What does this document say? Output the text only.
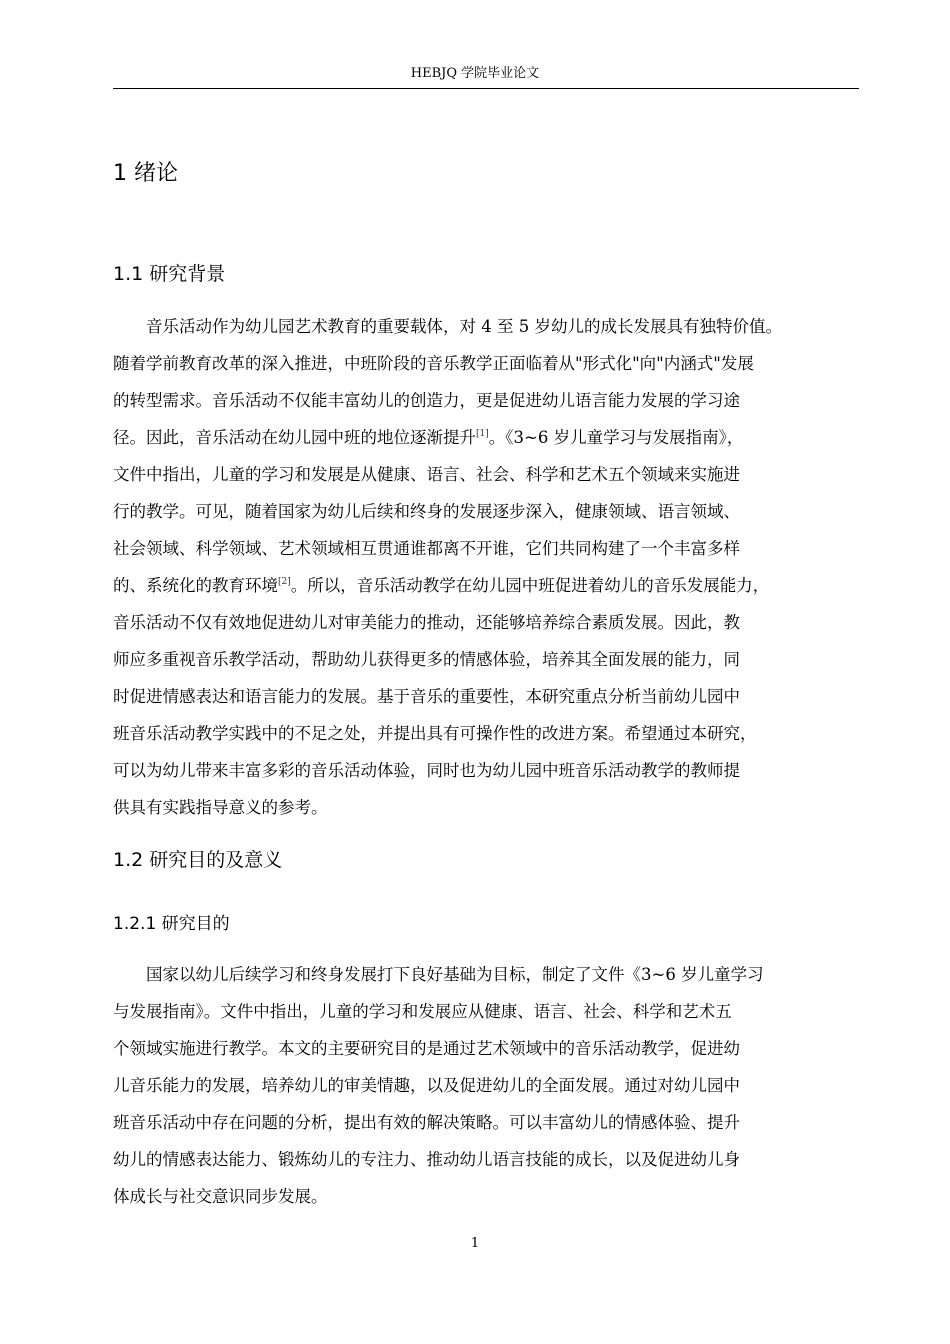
HEBJQ 学院毕业论文
1 绪论
1.1 研究背景
音乐活动作为幼儿园艺术教育的重要载体，对 4 至 5 岁幼儿的成长发展具有独特价值。
随着学前教育改革的深入推进，中班阶段的音乐教学正面临着从"形式化"向"内涵式"发展
的转型需求。音乐活动不仅能丰富幼儿的创造力，更是促进幼儿语言能力发展的学习途
径。因此，音乐活动在幼儿园中班的地位逐渐提升[1]。《3~6 岁儿童学习与发展指南》，
文件中指出，儿童的学习和发展是从健康、语言、社会、科学和艺术五个领域来实施进
行的教学。可见，随着国家为幼儿后续和终身的发展逐步深入，健康领域、语言领域、
社会领域、科学领域、艺术领域相互贯通谁都离不开谁，它们共同构建了一个丰富多样
的、系统化的教育环境[2]。所以，音乐活动教学在幼儿园中班促进着幼儿的音乐发展能力，
音乐活动不仅有效地促进幼儿对审美能力的推动，还能够培养综合素质发展。因此，教
师应多重视音乐教学活动，帮助幼儿获得更多的情感体验，培养其全面发展的能力，同
时促进情感表达和语言能力的发展。基于音乐的重要性，本研究重点分析当前幼儿园中
班音乐活动教学实践中的不足之处，并提出具有可操作性的改进方案。希望通过本研究，
可以为幼儿带来丰富多彩的音乐活动体验，同时也为幼儿园中班音乐活动教学的教师提
供具有实践指导意义的参考。
1.2 研究目的及意义
1.2.1 研究目的
国家以幼儿后续学习和终身发展打下良好基础为目标，制定了文件《3~6 岁儿童学习
与发展指南》。文件中指出，儿童的学习和发展应从健康、语言、社会、科学和艺术五
个领域实施进行教学。本文的主要研究目的是通过艺术领域中的音乐活动教学，促进幼
儿音乐能力的发展，培养幼儿的审美情趣，以及促进幼儿的全面发展。通过对幼儿园中
班音乐活动中存在问题的分析，提出有效的解决策略。可以丰富幼儿的情感体验、提升
幼儿的情感表达能力、锻炼幼儿的专注力、推动幼儿语言技能的成长，以及促进幼儿身
体成长与社交意识同步发展。
1
